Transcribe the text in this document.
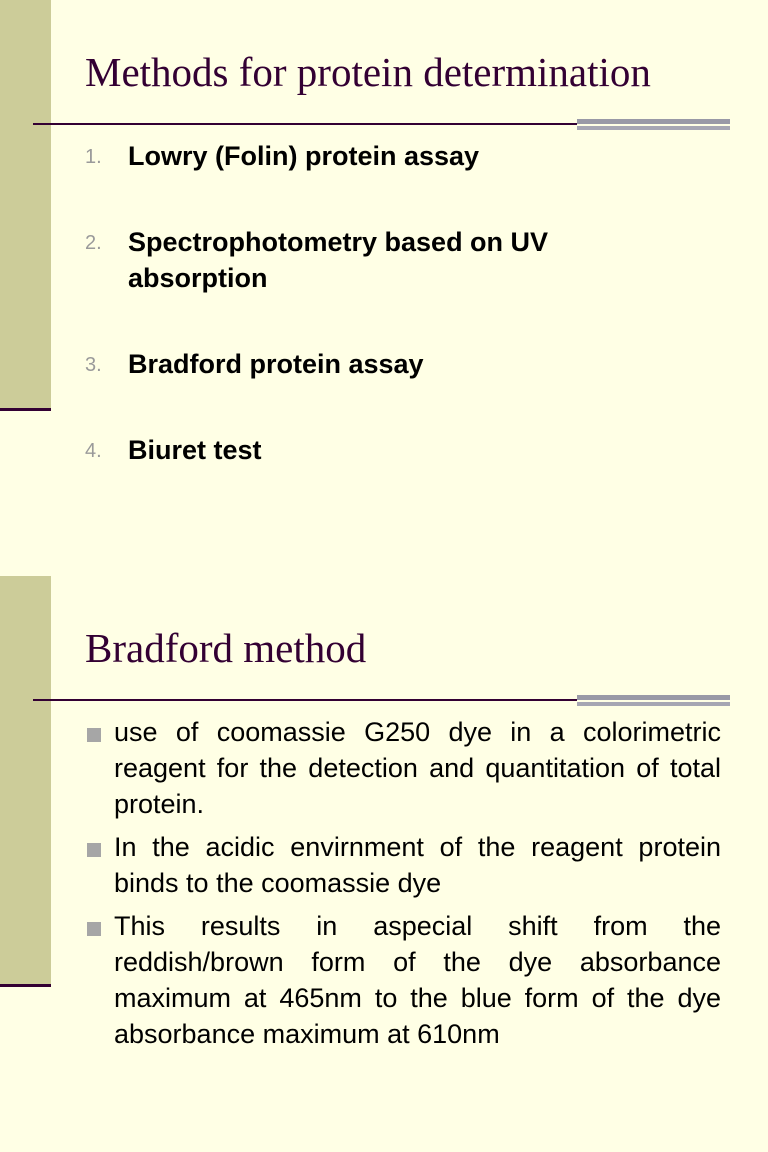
Methods for protein determination
1. Lowry (Folin) protein assay
2. Spectrophotometry based on UV absorption
3. Bradford protein assay
4. Biuret test
Bradford method
use of coomassie G250 dye in a colorimetric reagent for the detection and quantitation of total protein.
In the acidic envirnment of the reagent protein binds to the coomassie dye
This results in aspecial shift from the reddish/brown form of the dye absorbance maximum at 465nm to the blue form of the dye absorbance maximum at 610nm
